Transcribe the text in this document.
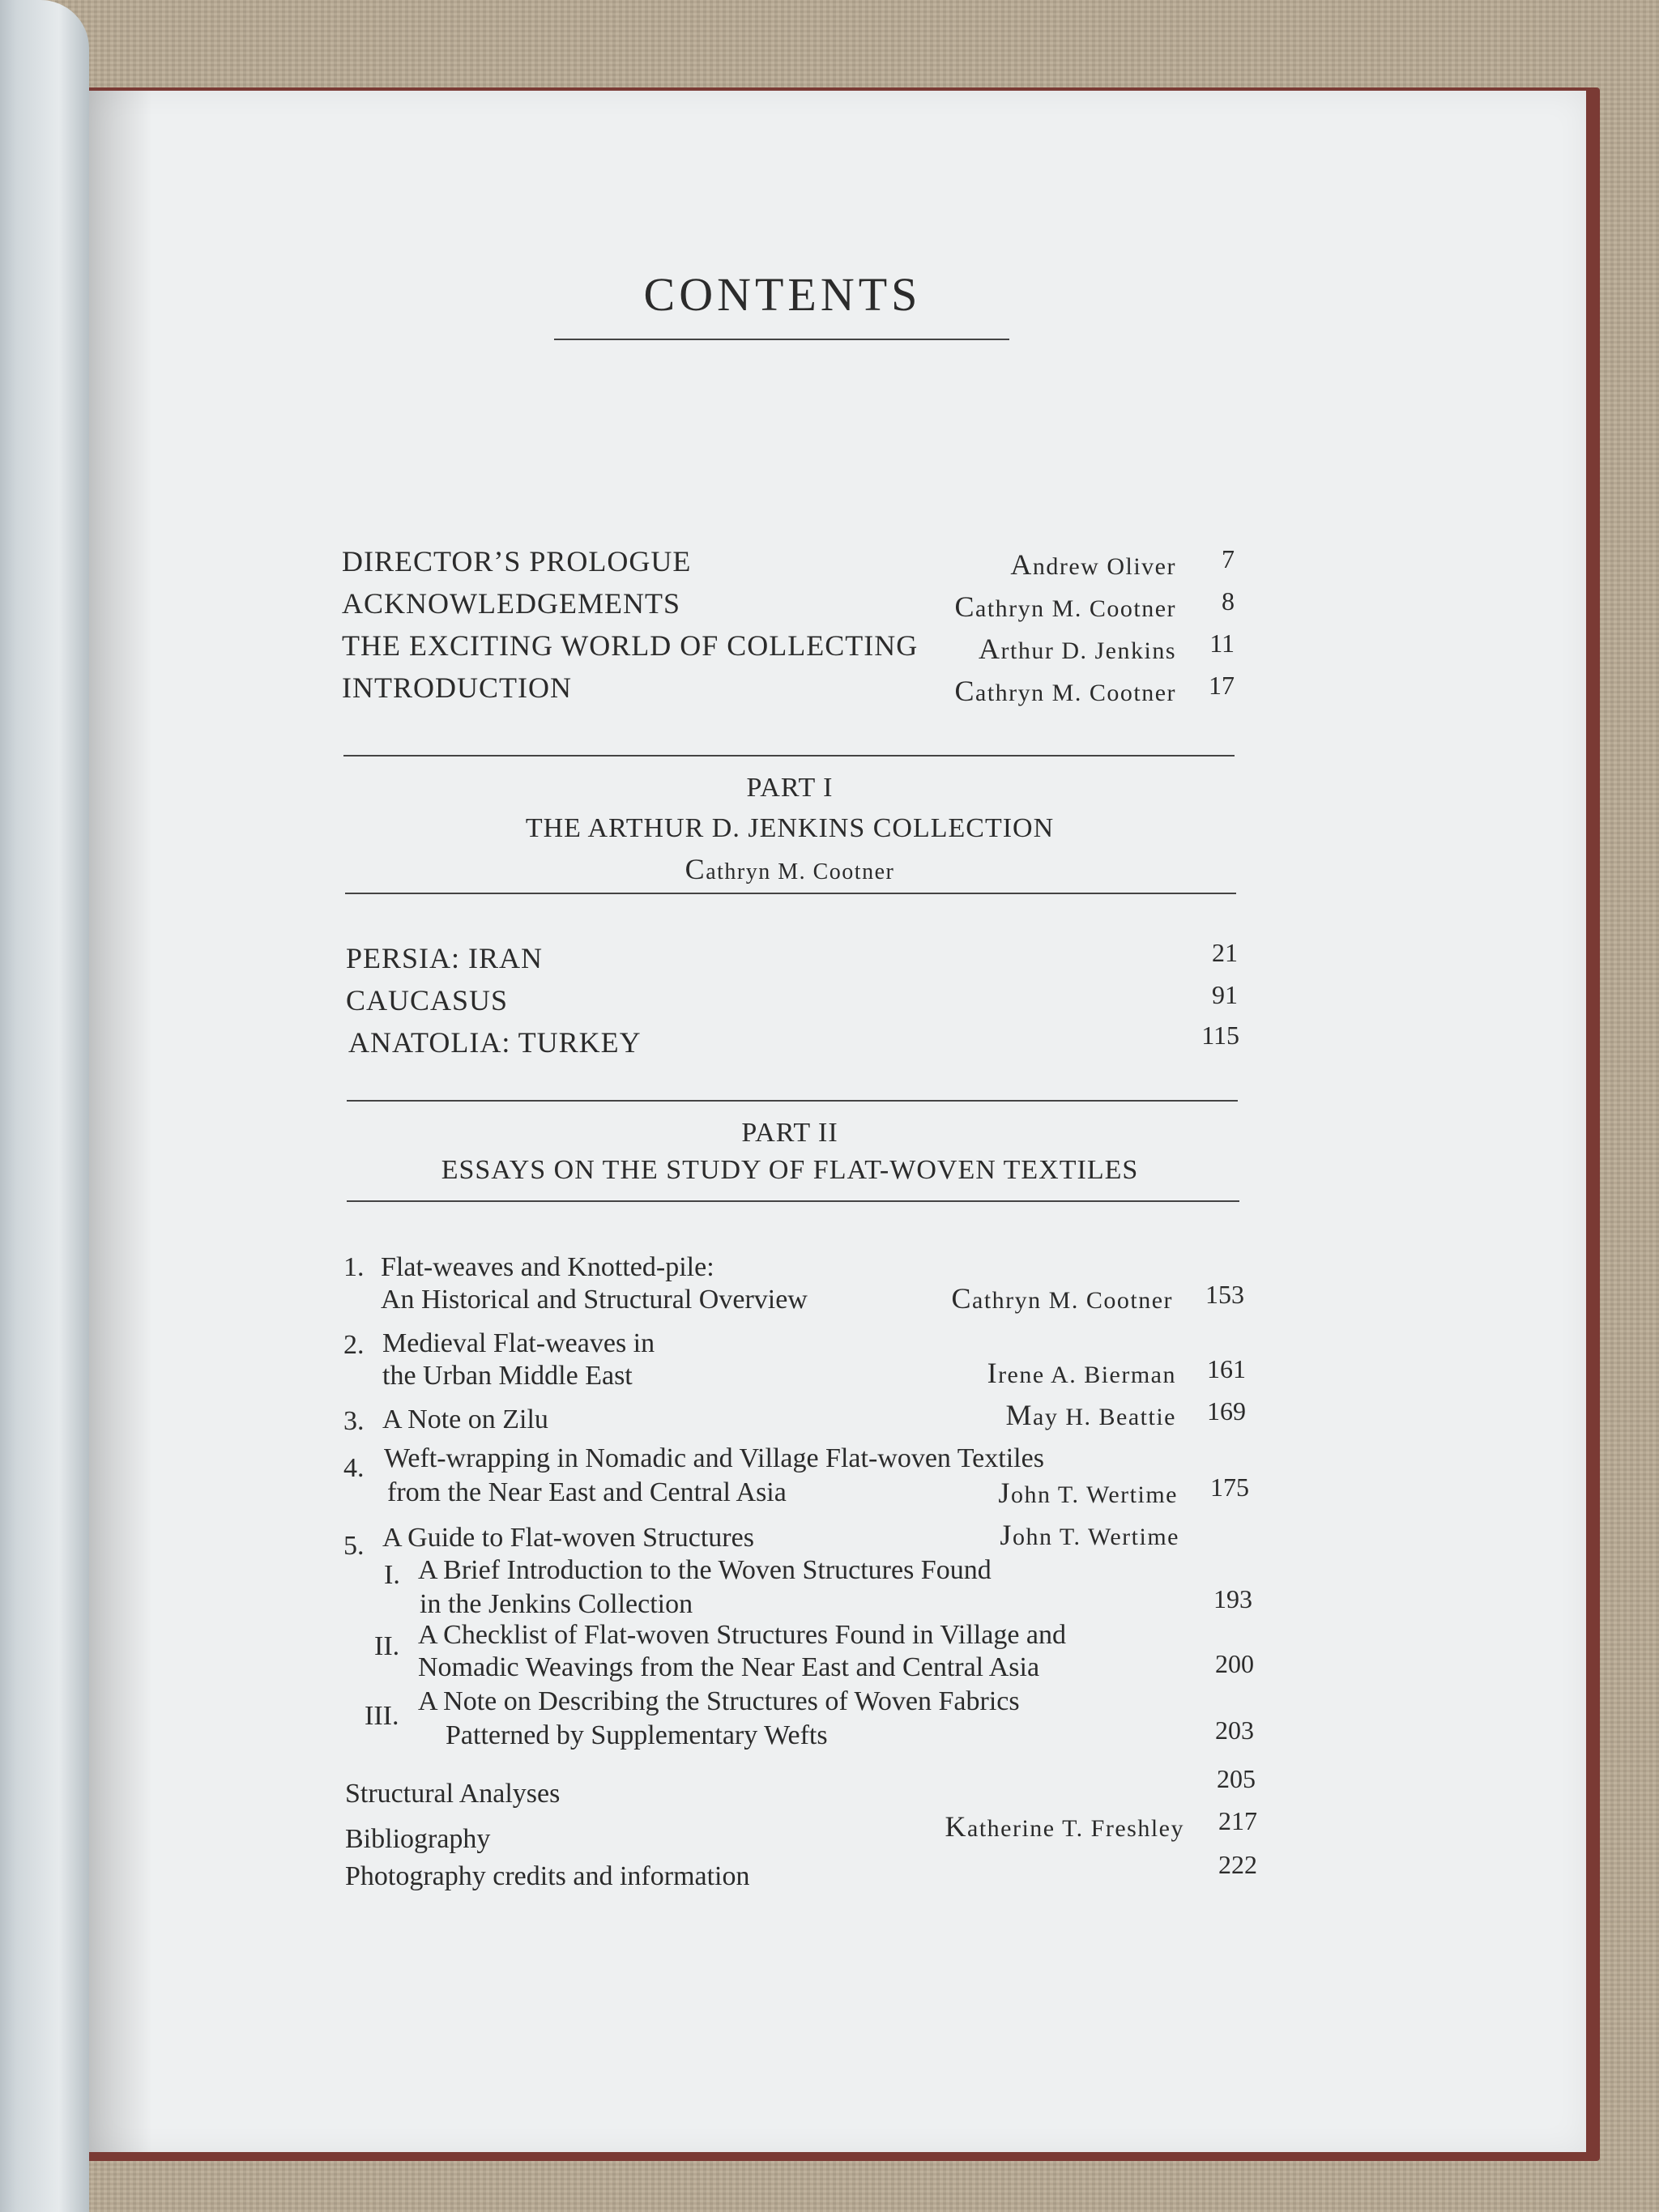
CONTENTS
DIRECTOR’S PROLOGUE	Andrew Oliver	7
ACKNOWLEDGEMENTS	Cathryn M. Cootner	8
THE EXCITING WORLD OF COLLECTING Arthur D. Jenkins	11
INTRODUCTION	Cathryn M. Cootner	17
PART I
THE ARTHUR D. JENKINS COLLECTION
Cathryn M. Cootner
PERSIA: IRAN	21
CAUCASUS	91
ANATOLIA: TURKEY	115
PART II
ESSAYS ON THE STUDY OF FLAT-WOVEN TEXTILES
1. Flat-weaves and Knotted-pile:
An Historical and Structural Overview	Cathryn M. Cootner	153
2. Medieval Flat-weaves in
the Urban Middle East	Irene A. Bierman	161
3. A Note on Zilu	May H. Beattie	169
4. Weft-wrapping in Nomadic and Village Flat-woven Textiles
from the Near East and Central Asia	John T. Wertime	175
5. A Guide to Flat-woven Structures	John T. Wertime
I. A Brief Introduction to the Woven Structures Found
in the Jenkins Collection	193
II. A Checklist of Flat-woven Structures Found in Village and
Nomadic Weavings from the Near East and Central Asia	200
III. A Note on Describing the Structures of Woven Fabrics
Patterned by Supplementary Wefts	203
Structural Analyses	205
Bibliography	Katherine T. Freshley	217
Photography credits and information	222
